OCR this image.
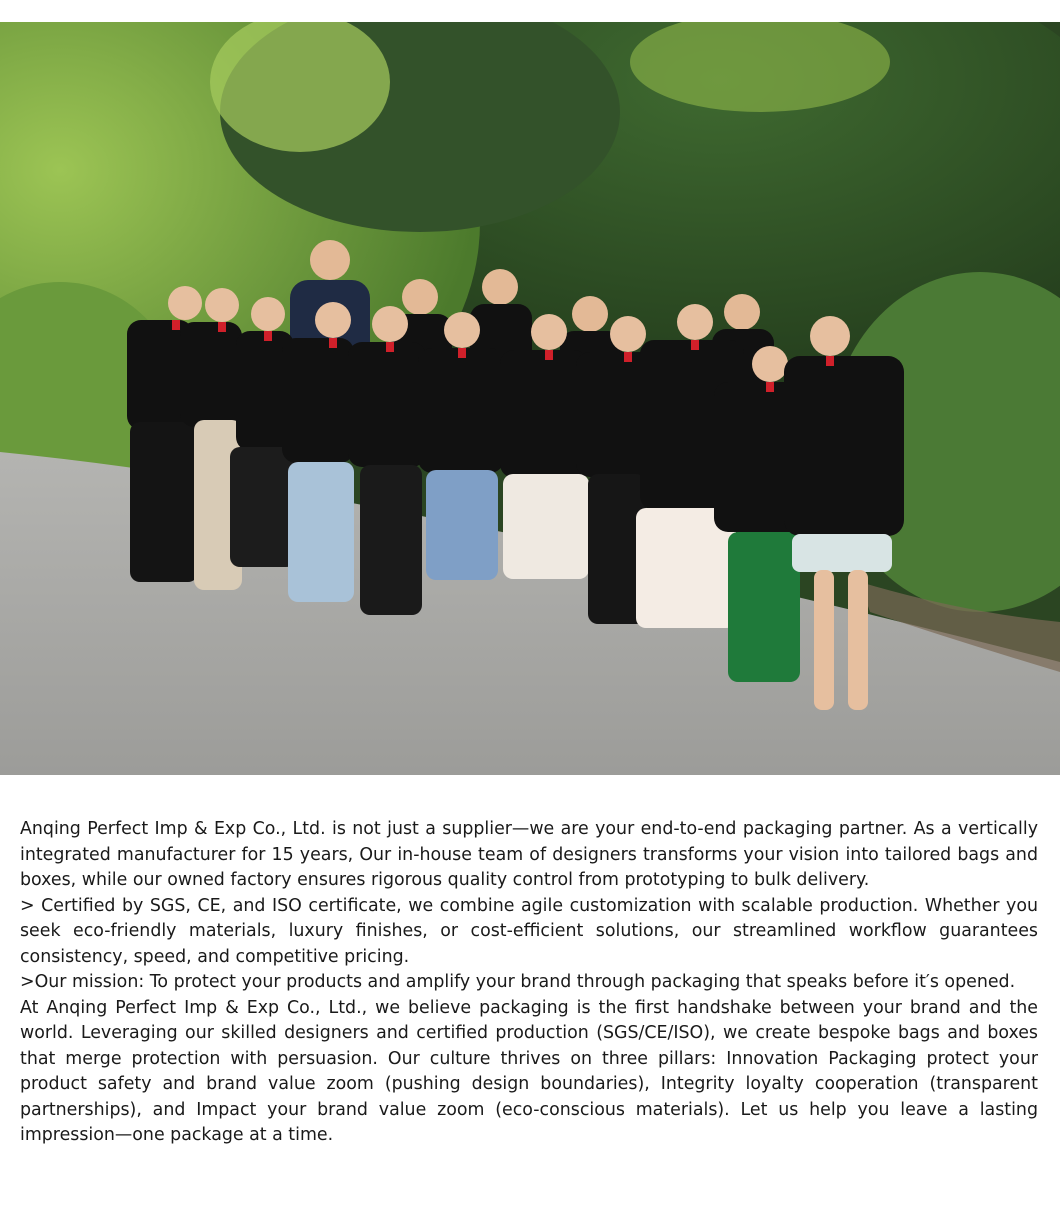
Anqing Perfect Imp & Exp Co., Ltd. is not just a supplier—we are your end-to-end packaging partner. As a vertically integrated manufacturer for 15 years, Our in-house team of designers transforms your vision into tailored bags and boxes, while our owned factory ensures rigorous quality control from prototyping to bulk delivery.

> Certified by SGS, CE, and ISO certificate, we combine agile customization with scalable production. Whether you seek eco-friendly materials, luxury finishes, or cost-efficient solutions, our streamlined workflow guarantees consistency, speed, and competitive pricing.

>Our mission: To protect your products and amplify your brand through packaging that speaks before it′s opened.

At Anqing Perfect Imp & Exp Co., Ltd., we believe packaging is the first handshake between your brand and the world. Leveraging our skilled designers and certified production (SGS/CE/ISO), we create bespoke bags and boxes that merge protection with persuasion. Our culture thrives on three pillars: Innovation Packaging protect your product safety and brand value zoom (pushing design boundaries), Integrity loyalty cooperation (transparent partnerships), and Impact your brand value zoom (eco-conscious materials). Let us help you leave a lasting impression—one package at a time.
